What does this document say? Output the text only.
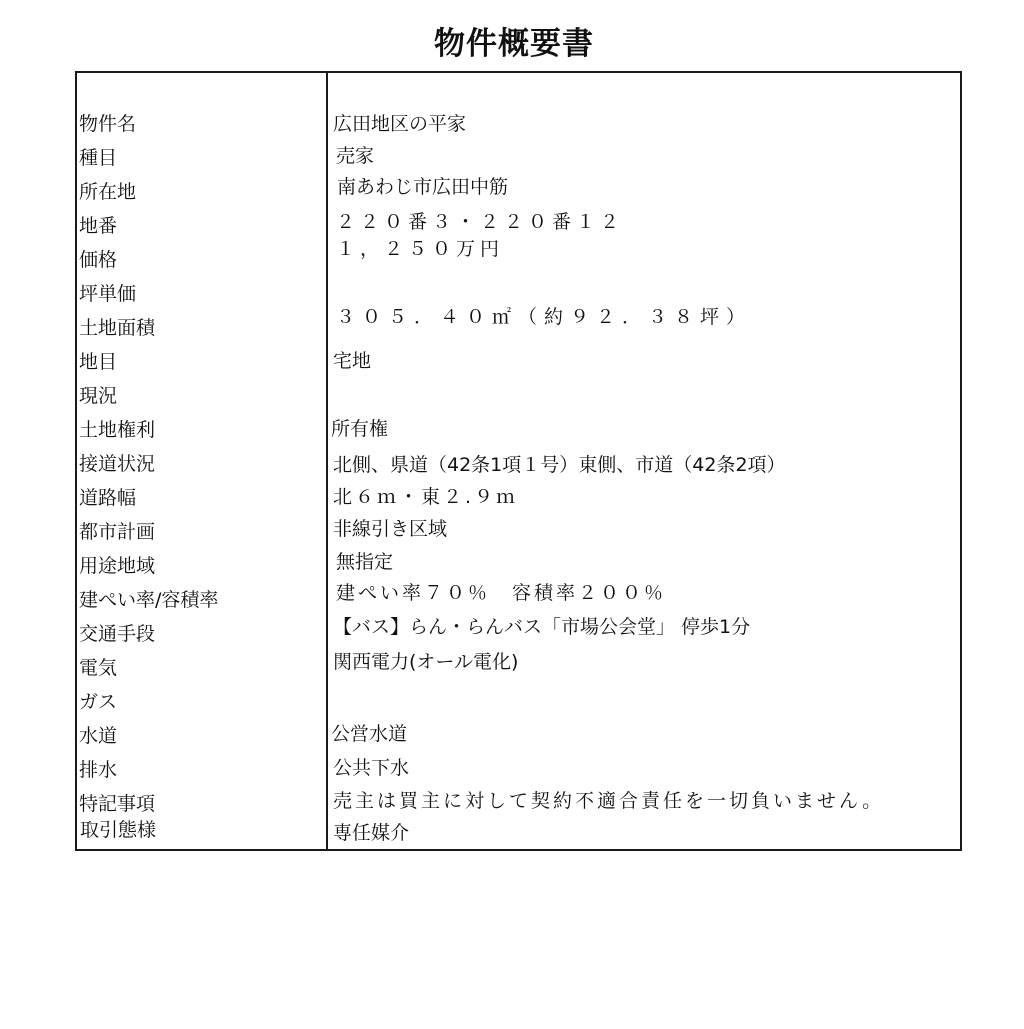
物件概要書
物件名
種目
所在地
地番
価格
坪単価
土地面積
地目
現況
土地権利
接道状況
道路幅
都市計画
用途地域
建ぺい率/容積率
交通手段
電気
ガス
水道
排水
特記事項
取引態様
広田地区の平家
売家
南あわじ市広田中筋
２２０番３・２２０番１２
１，２５０万円
３０５．４０㎡（約９２．３８坪）
宅地
所有権
北側、県道（42条1項１号）東側、市道（42条2項）
北６ｍ・東２.９ｍ
非線引き区域
無指定
建ぺい率７０％　容積率２００％
【バス】らん・らんバス「市場公会堂」 停歩1分
関西電力(オール電化)
公営水道
公共下水
売主は買主に対して契約不適合責任を一切負いません。
専任媒介
